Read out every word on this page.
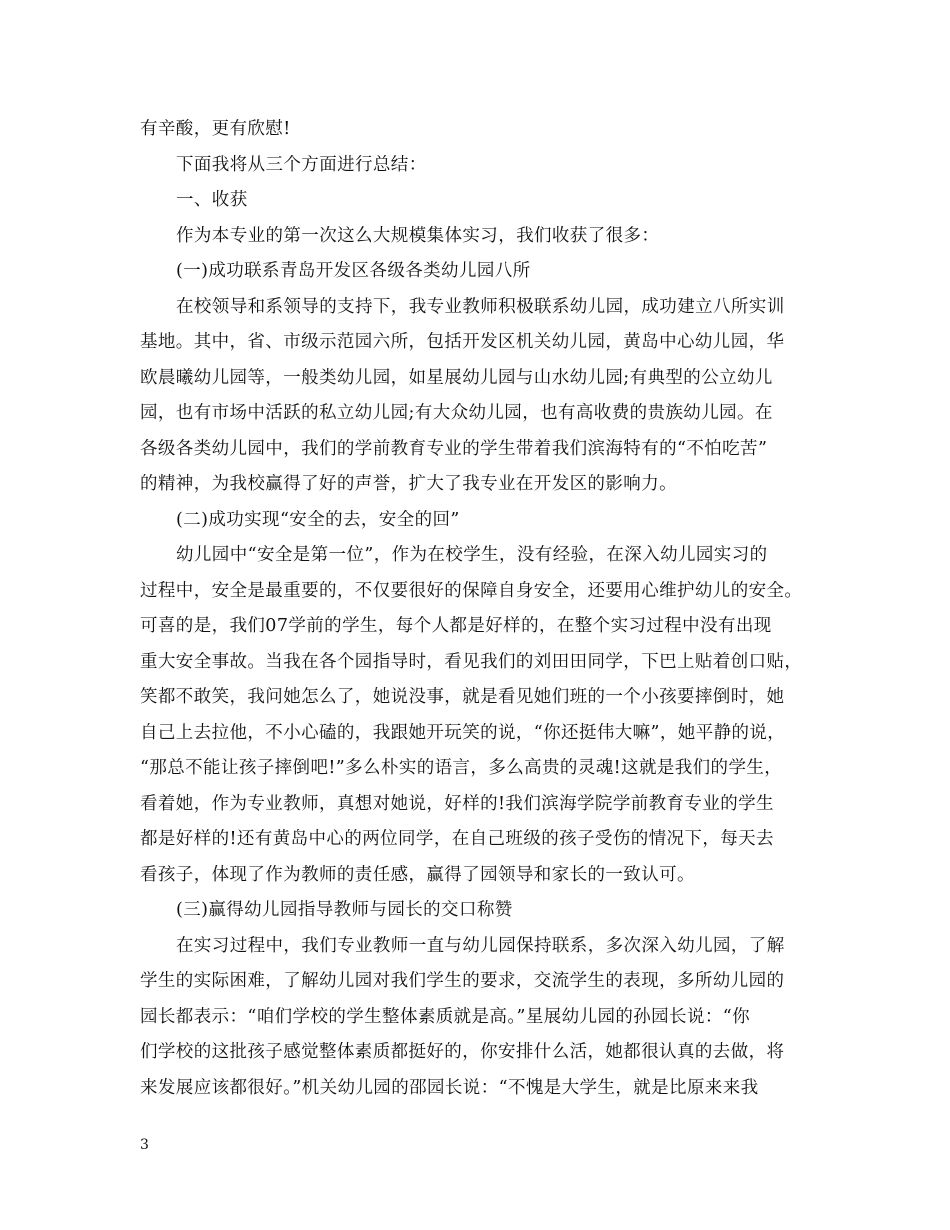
有辛酸，更有欣慰!
下面我将从三个方面进行总结：
一、收获
作为本专业的第一次这么大规模集体实习，我们收获了很多：
(一)成功联系青岛开发区各级各类幼儿园八所
在校领导和系领导的支持下，我专业教师积极联系幼儿园，成功建立八所实训
基地。其中，省、市级示范园六所，包括开发区机关幼儿园，黄岛中心幼儿园，华
欧晨曦幼儿园等，一般类幼儿园，如星展幼儿园与山水幼儿园;有典型的公立幼儿
园，也有市场中活跃的私立幼儿园;有大众幼儿园，也有高收费的贵族幼儿园。在
各级各类幼儿园中，我们的学前教育专业的学生带着我们滨海特有的“不怕吃苦”
的精神，为我校赢得了好的声誉，扩大了我专业在开发区的影响力。
(二)成功实现“安全的去，安全的回”
幼儿园中“安全是第一位”，作为在校学生，没有经验，在深入幼儿园实习的
过程中，安全是最重要的，不仅要很好的保障自身安全，还要用心维护幼儿的安全。
可喜的是，我们07学前的学生，每个人都是好样的，在整个实习过程中没有出现
重大安全事故。当我在各个园指导时，看见我们的刘田田同学，下巴上贴着创口贴，
笑都不敢笑，我问她怎么了，她说没事，就是看见她们班的一个小孩要摔倒时，她
自己上去拉他，不小心磕的，我跟她开玩笑的说，“你还挺伟大嘛”，她平静的说，
“那总不能让孩子摔倒吧!”多么朴实的语言，多么高贵的灵魂!这就是我们的学生，
看着她，作为专业教师，真想对她说，好样的!我们滨海学院学前教育专业的学生
都是好样的!还有黄岛中心的两位同学，在自己班级的孩子受伤的情况下，每天去
看孩子，体现了作为教师的责任感，赢得了园领导和家长的一致认可。
(三)赢得幼儿园指导教师与园长的交口称赞
在实习过程中，我们专业教师一直与幼儿园保持联系，多次深入幼儿园，了解
学生的实际困难，了解幼儿园对我们学生的要求，交流学生的表现，多所幼儿园的
园长都表示：“咱们学校的学生整体素质就是高。”星展幼儿园的孙园长说：“你
们学校的这批孩子感觉整体素质都挺好的，你安排什么活，她都很认真的去做，将
来发展应该都很好。”机关幼儿园的邵园长说：“不愧是大学生，就是比原来来我
3
